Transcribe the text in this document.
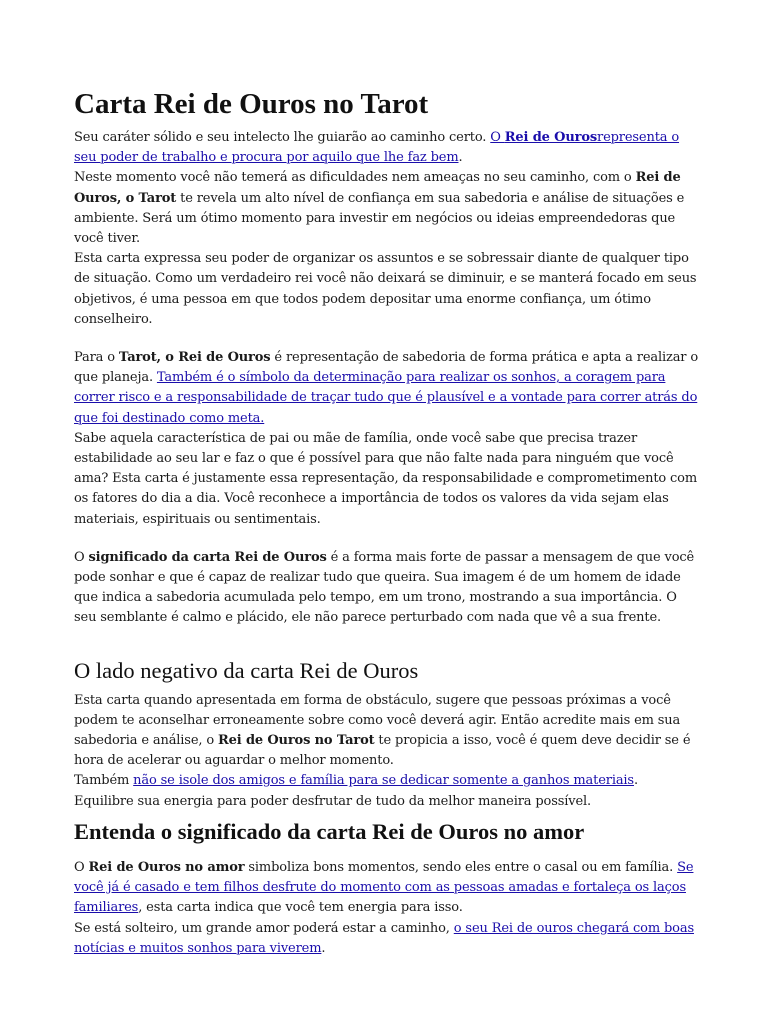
Carta Rei de Ouros no Tarot

Seu caráter sólido e seu intelecto lhe guiarão ao caminho certo. O Rei de Ourosrepresenta o seu poder de trabalho e procura por aquilo que lhe faz bem.

Neste momento você não temerá as dificuldades nem ameaças no seu caminho, com o Rei de Ouros, o Tarot te revela um alto nível de confiança em sua sabedoria e análise de situações e ambiente. Será um ótimo momento para investir em negócios ou ideias empreendedoras que você tiver.

Esta carta expressa seu poder de organizar os assuntos e se sobressair diante de qualquer tipo de situação. Como um verdadeiro rei você não deixará se diminuir, e se manterá focado em seus objetivos, é uma pessoa em que todos podem depositar uma enorme confiança, um ótimo conselheiro.

Para o Tarot, o Rei de Ouros é representação de sabedoria de forma prática e apta a realizar o que planeja. Também é o símbolo da determinação para realizar os sonhos, a coragem para correr risco e a responsabilidade de traçar tudo que é plausível e a vontade para correr atrás do que foi destinado como meta.

Sabe aquela característica de pai ou mãe de família, onde você sabe que precisa trazer estabilidade ao seu lar e faz o que é possível para que não falte nada para ninguém que você ama? Esta carta é justamente essa representação, da responsabilidade e comprometimento com os fatores do dia a dia. Você reconhece a importância de todos os valores da vida sejam elas materiais, espirituais ou sentimentais.

O significado da carta Rei de Ouros é a forma mais forte de passar a mensagem de que você pode sonhar e que é capaz de realizar tudo que queira. Sua imagem é de um homem de idade que indica a sabedoria acumulada pelo tempo, em um trono, mostrando a sua importância. O seu semblante é calmo e plácido, ele não parece perturbado com nada que vê a sua frente.

O lado negativo da carta Rei de Ouros

Esta carta quando apresentada em forma de obstáculo, sugere que pessoas próximas a você podem te aconselhar erroneamente sobre como você deverá agir. Então acredite mais em sua sabedoria e análise, o Rei de Ouros no Tarot te propicia a isso, você é quem deve decidir se é hora de acelerar ou aguardar o melhor momento.

Também não se isole dos amigos e família para se dedicar somente a ganhos materiais. Equilibre sua energia para poder desfrutar de tudo da melhor maneira possível.

Entenda o significado da carta Rei de Ouros no amor

O Rei de Ouros no amor simboliza bons momentos, sendo eles entre o casal ou em família. Se você já é casado e tem filhos desfrute do momento com as pessoas amadas e fortaleça os laços familiares, esta carta indica que você tem energia para isso.

Se está solteiro, um grande amor poderá estar a caminho, o seu Rei de ouros chegará com boas notícias e muitos sonhos para viverem.
